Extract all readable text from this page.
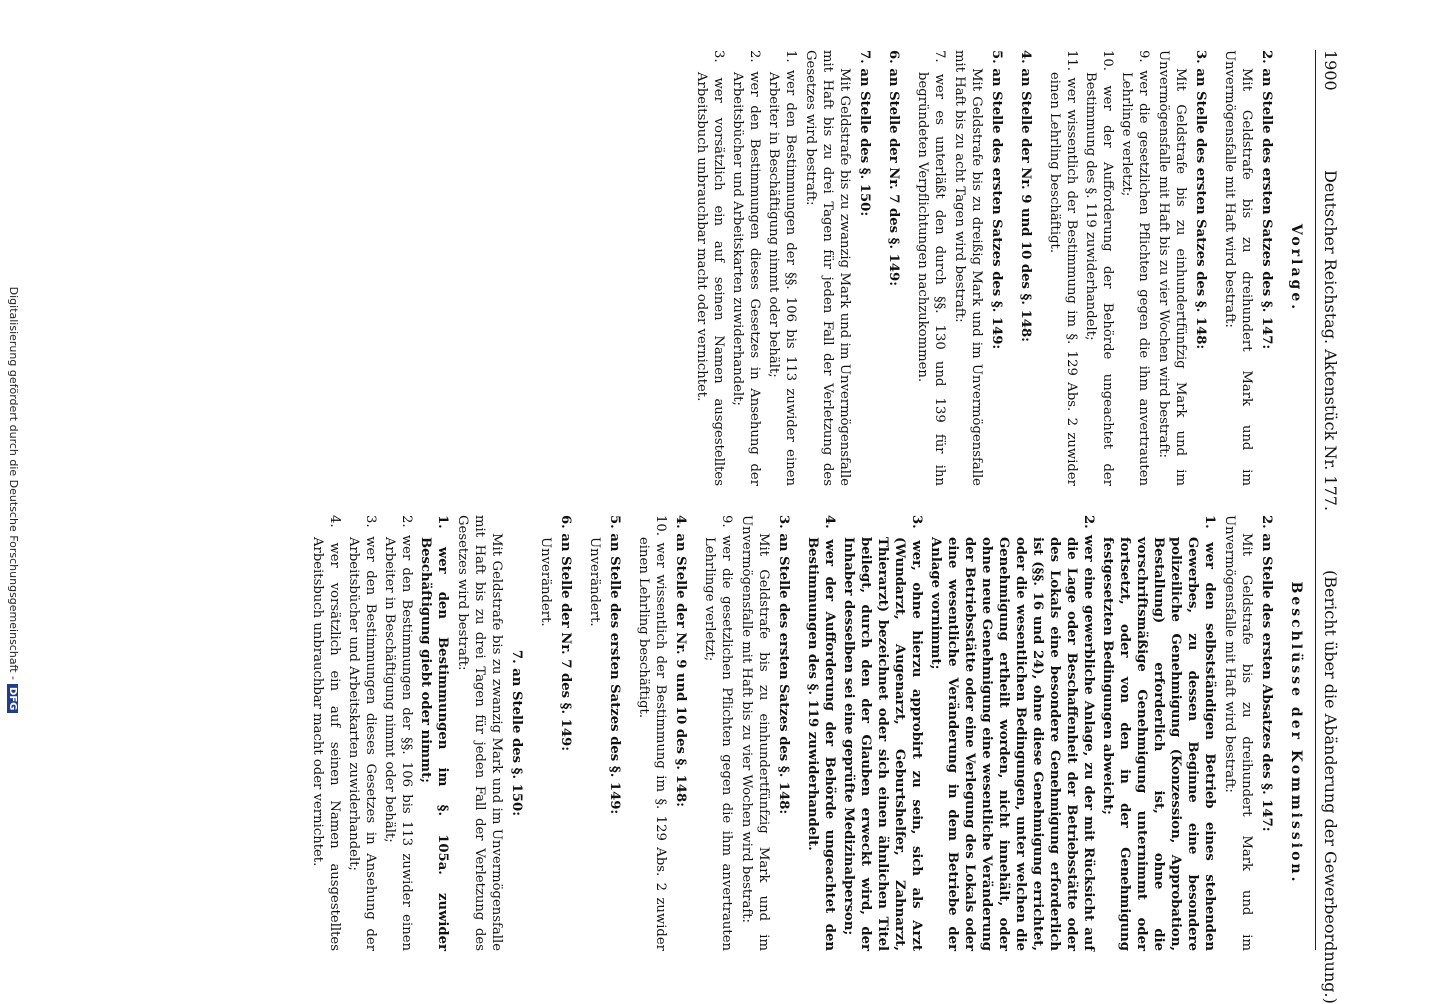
1900
Deutscher Reichstag. Aktenstück Nr. 177.
(Bericht über die Abänderung der Gewerbeordnung.)
Vorlage.
2. an Stelle des ersten Satzes des §. 147:
Mit Geldstrafe bis zu dreihundert Mark und im Unvermögensfalle mit Haft wird bestraft:
3. an Stelle des ersten Satzes des §. 148:
Mit Geldstrafe bis zu einhundertfünfzig Mark und im Unvermögensfalle mit Haft bis zu vier Wochen wird bestraft:
9. wer die gesetzlichen Pflichten gegen die ihm anvertrauten Lehrlinge verletzt;
10. wer der Aufforderung der Behörde ungeachtet der Bestimmung des §. 119 zuwiderhandelt;
11. wer wissentlich der Bestimmung im §. 129 Abs. 2 zuwider einen Lehrling beschäftigt.
4. an Stelle der Nr. 9 und 10 des §. 148:
5. an Stelle des ersten Satzes des §. 149:
Mit Geldstrafe bis zu dreißig Mark und im Unvermögensfalle mit Haft bis zu acht Tagen wird bestraft:
7. wer es unterläßt den durch §§. 130 und 139 für ihn begründeten Verpflichtungen nachzukommen.
6. an Stelle der Nr. 7 des §. 149:
7. an Stelle des §. 150:
Mit Geldstrafe bis zu zwanzig Mark und im Unvermögensfalle mit Haft bis zu drei Tagen für jeden Fall der Verletzung des Gesetzes wird bestraft:
1. wer den Bestimmungen der §§. 106 bis 113 zuwider einen Arbeiter in Beschäftigung nimmt oder behält;
2. wer den Bestimmungen dieses Gesetzes in Ansehung der Arbeitsbücher und Arbeitskarten zuwiderhandelt;
3. wer vorsätzlich ein auf seinen Namen ausgestelltes Arbeitsbuch unbrauchbar macht oder vernichtet.
Beschlüsse der Kommission.
2. an Stelle des ersten Absatzes des §. 147:
Mit Geldstrafe bis zu dreihundert Mark und im Unvermögensfalle mit Haft wird bestraft:
1. wer den selbstständigen Betrieb eines stehenden Gewerbes, zu dessen Beginne eine besondere polizeiliche Genehmigung (Konzession, Approbation, Bestallung) erforderlich ist, ohne die vorschriftsmäßige Genehmigung unternimmt oder fortsetzt, oder von den in der Genehmigung festgesetzten Bedingungen abweicht;
2. wer eine gewerbliche Anlage, zu der mit Rücksicht auf die Lage oder Beschaffenheit der Betriebsstätte oder des Lokals eine besondere Genehmigung erforderlich ist (§§. 16 und 24), ohne diese Genehmigung errichtet, oder die wesentlichen Bedingungen, unter welchen die Genehmigung ertheilt worden, nicht innehält, oder ohne neue Genehmigung eine wesentliche Veränderung der Betriebsstätte oder eine Verlegung des Lokals oder eine wesentliche Veränderung in dem Betriebe der Anlage vornimmt;
3. wer, ohne hierzu approbirt zu sein, sich als Arzt (Wundarzt, Augenarzt, Geburtshelfer, Zahnarzt, Thierarzt) bezeichnet oder sich einen ähnlichen Titel beilegt, durch den der Glauben erweckt wird, der Inhaber desselben sei eine geprüfte Medizinalperson;
4. wer der Aufforderung der Behörde ungeachtet den Bestimmungen des §. 119 zuwiderhandelt.
3. an Stelle des ersten Satzes des §. 148:
Mit Geldstrafe bis zu einhundertfünfzig Mark und im Unvermögensfalle mit Haft bis zu vier Wochen wird bestraft:
9. wer die gesetzlichen Pflichten gegen die ihm anvertrauten Lehrlinge verletzt;
4. an Stelle der Nr. 9 und 10 des §. 148:
10. wer wissentlich der Bestimmung im §. 129 Abs. 2 zuwider einen Lehrling beschäftigt.
5. an Stelle des ersten Satzes des §. 149:
Unverändert.
6. an Stelle der Nr. 7 des §. 149:
Unverändert.
7. an Stelle des §. 150:
Mit Geldstrafe bis zu zwanzig Mark und im Unvermögensfalle mit Haft bis zu drei Tagen für jeden Fall der Verletzung des Gesetzes wird bestraft:
1. wer den Bestimmungen im §. 105a. zuwider Beschäftigung giebt oder nimmt;
2. wer den Bestimmungen der §§. 106 bis 113 zuwider einen Arbeiter in Beschäftigung nimmt oder behält;
3. wer den Bestimmungen dieses Gesetzes in Ansehung der Arbeitsbücher und Arbeitskarten zuwiderhandelt;
4. wer vorsätzlich ein auf seinen Namen ausgestelltes Arbeitsbuch unbrauchbar macht oder vernichtet.
Digitalisierung gefördert durch die Deutsche Forschungsgemeinschaft -DFG
